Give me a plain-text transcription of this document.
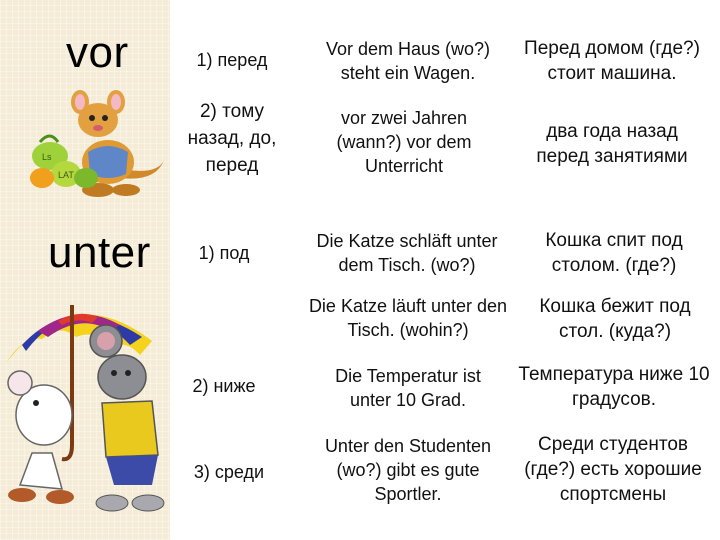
vor
unter
Ls
LAT
1) перед
2) тому назад, до, перед
1) под
2) ниже
3) среди
Vor dem Haus (wo?) steht ein Wagen.
vor zwei Jahren (wann?) vor dem Unterricht
Die Katze schläft unter dem Tisch. (wo?)
Die Katze läuft unter den Tisch. (wohin?)
Die Temperatur ist unter 10 Grad.
Unter den Studenten (wo?) gibt es gute Sportler.
Перед домом (где?) стоит машина.
два года назад перед занятиями
Кошка спит под столом. (где?)
Кошка бежит под стол. (куда?)
Температура ниже 10 градусов.
Среди студентов (где?) есть хорошие спортсмены
